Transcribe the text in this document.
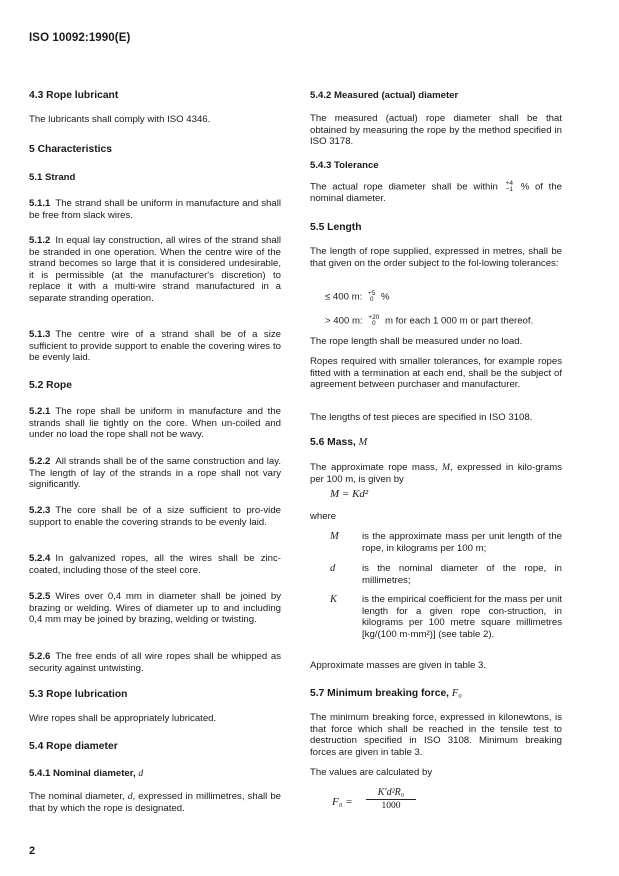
ISO 10092:1990(E)
4.3 Rope lubricant
The lubricants shall comply with ISO 4346.
5 Characteristics
5.1 Strand
5.1.1 The strand shall be uniform in manufacture and shall be free from slack wires.
5.1.2 In equal lay construction, all wires of the strand shall be stranded in one operation. When the centre wire of the strand becomes so large that it is considered undesirable, it is permissible (at the manufacturer's discretion) to replace it with a multi-wire strand manufactured in a separate stranding operation.
5.1.3 The centre wire of a strand shall be of a size sufficient to provide support to enable the covering wires to be evenly laid.
5.2 Rope
5.2.1 The rope shall be uniform in manufacture and the strands shall lie tightly on the core. When un-coiled and under no load the rope shall not be wavy.
5.2.2 All strands shall be of the same construction and lay. The length of lay of the strands in a rope shall not vary significantly.
5.2.3 The core shall be of a size sufficient to pro-vide support to enable the covering strands to be evenly laid.
5.2.4 In galvanized ropes, all the wires shall be zinc-coated, including those of the steel core.
5.2.5 Wires over 0,4 mm in diameter shall be joined by brazing or welding. Wires of diameter up to and including 0,4 mm may be joined by brazing, welding or twisting.
5.2.6 The free ends of all wire ropes shall be whipped as security against untwisting.
5.3 Rope lubrication
Wire ropes shall be appropriately lubricated.
5.4 Rope diameter
5.4.1 Nominal diameter, d
The nominal diameter, d, expressed in millimetres, shall be that by which the rope is designated.
5.4.2 Measured (actual) diameter
The measured (actual) rope diameter shall be that obtained by measuring the rope by the method specified in ISO 3178.
5.4.3 Tolerance
The actual rope diameter shall be within +4
−1 % of the nominal diameter.
5.5 Length
The length of rope supplied, expressed in metres, shall be that given on the order subject to the fol-lowing tolerances:
≤ 400 m: +5
0 %
> 400 m: +20
0 m for each 1 000 m or part thereof.
The rope length shall be measured under no load.
Ropes required with smaller tolerances, for example ropes fitted with a termination at each end, shall be the subject of agreement between purchaser and manufacturer.
The lengths of test pieces are specified in ISO 3108.
5.6 Mass, M
The approximate rope mass, M, expressed in kilo-grams per 100 m, is given by
M = Kd²
where
M is the approximate mass per unit length of the rope, in kilograms per 100 m;
d	is the nominal diameter of the rope, in millimetres;
K	is the empirical coefficient for the mass per unit length for a given rope con-struction, in kilograms per 100 metre square millimetres [kg/(100 m·mm²)] (see table 2).
Approximate masses are given in table 3.
5.7 Minimum breaking force, F₀
The minimum breaking force, expressed in kilonewtons, is that force which shall be reached in the tensile test to destruction specified in ISO 3108. Minimum breaking forces are given in table 3.
The values are calculated by
F₀ =
K′d²R₀
1000
2
